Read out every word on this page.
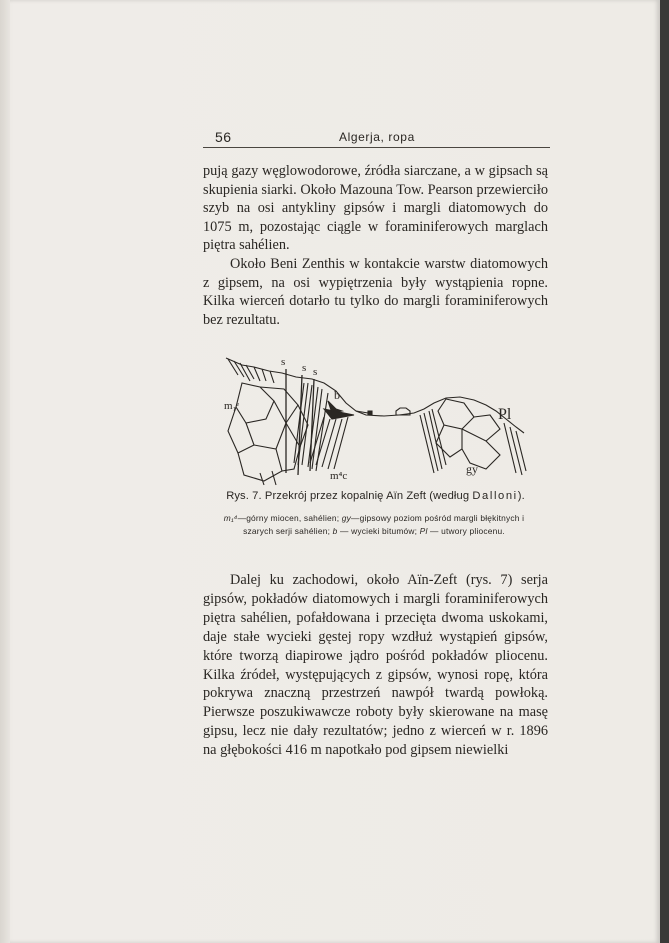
56	Algerja, ropa

pują gazy węglowodorowe, źródła siarczane, a w gipsach są skupienia siarki. Około Mazouna Tow. Pearson przewierciło szyb na osi antykliny gipsów i margli diatomowych do 1075 m, pozostając ciągle w foraminiferowych marglach piętra sahélien.

Około Beni Zenthis w kontakcie warstw diatomowych z gipsem, na osi wypiętrzenia były wystąpienia ropne. Kilka wierceń dotarło tu tylko do margli foraminiferowych bez rezultatu.

s s s
b
m₁ᵉ
m⁴c
Pl
gy
Rys. 7. Przekrój przez kopalnię Aïn Zeft (według Dalloni).
m₁⁴—górny miocen, sahélien; gy—gipsowy poziom pośród margli błękitnych i szarych serji sahélien; b — wycieki bitumów; Pl — utwory pliocenu.

Dalej ku zachodowi, około Aïn-Zeft (rys. 7) serja gipsów, pokładów diatomowych i margli foraminiferowych piętra sahélien, pofałdowana i przecięta dwoma uskokami, daje stałe wycieki gęstej ropy wzdłuż wystąpień gipsów, które tworzą diapirowe jądro pośród pokładów pliocenu. Kilka źródeł, występujących z gipsów, wynosi ropę, która pokrywa znaczną przestrzeń nawpół twardą powłoką. Pierwsze poszukiwawcze roboty były skierowane na masę gipsu, lecz nie dały rezultatów; jedno z wierceń w r. 1896 na głębokości 416 m napotkało pod gipsem niewielki
